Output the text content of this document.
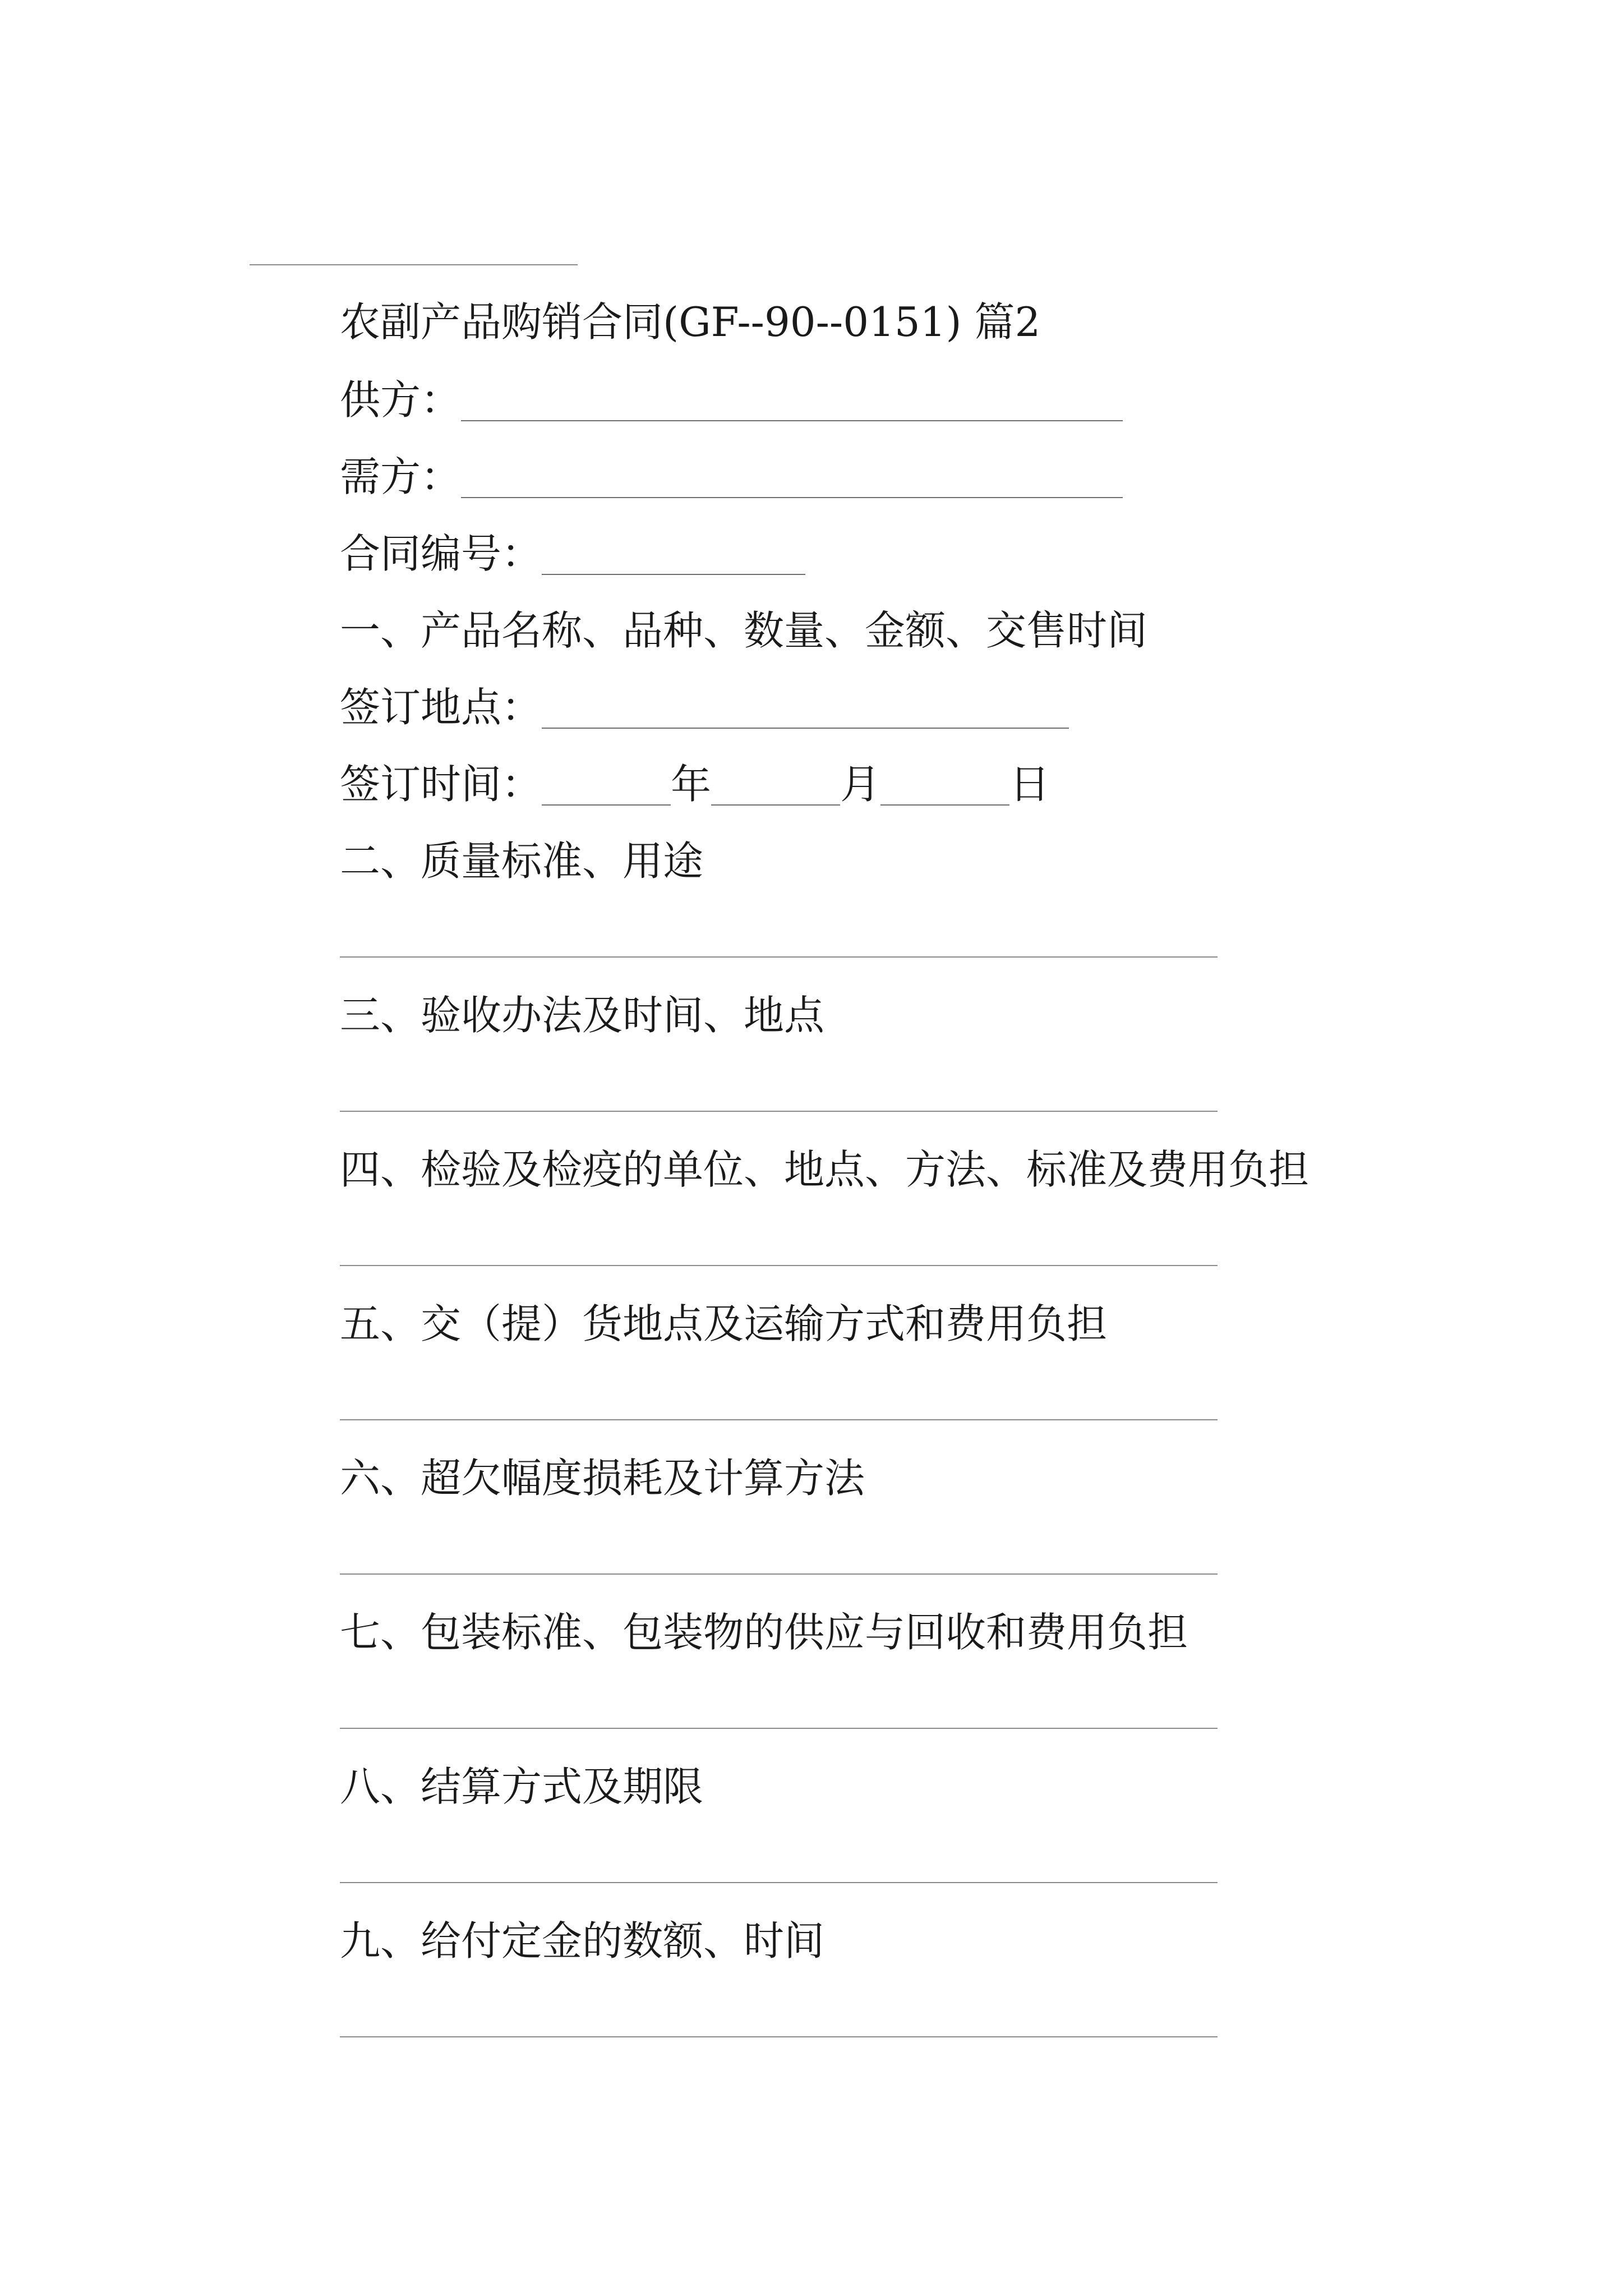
农副产品购销合同(GF--90--0151) 篇2
供方：
需方：
合同编号：
一、产品名称、品种、数量、金额、交售时间
签订地点：
签订时间：	年	月	日
二、质量标准、用途
三、验收办法及时间、地点
四、检验及检疫的单位、地点、方法、标准及费用负担
五、交（提）货地点及运输方式和费用负担
六、超欠幅度损耗及计算方法
七、包装标准、包装物的供应与回收和费用负担
八、结算方式及期限
九、给付定金的数额、时间
